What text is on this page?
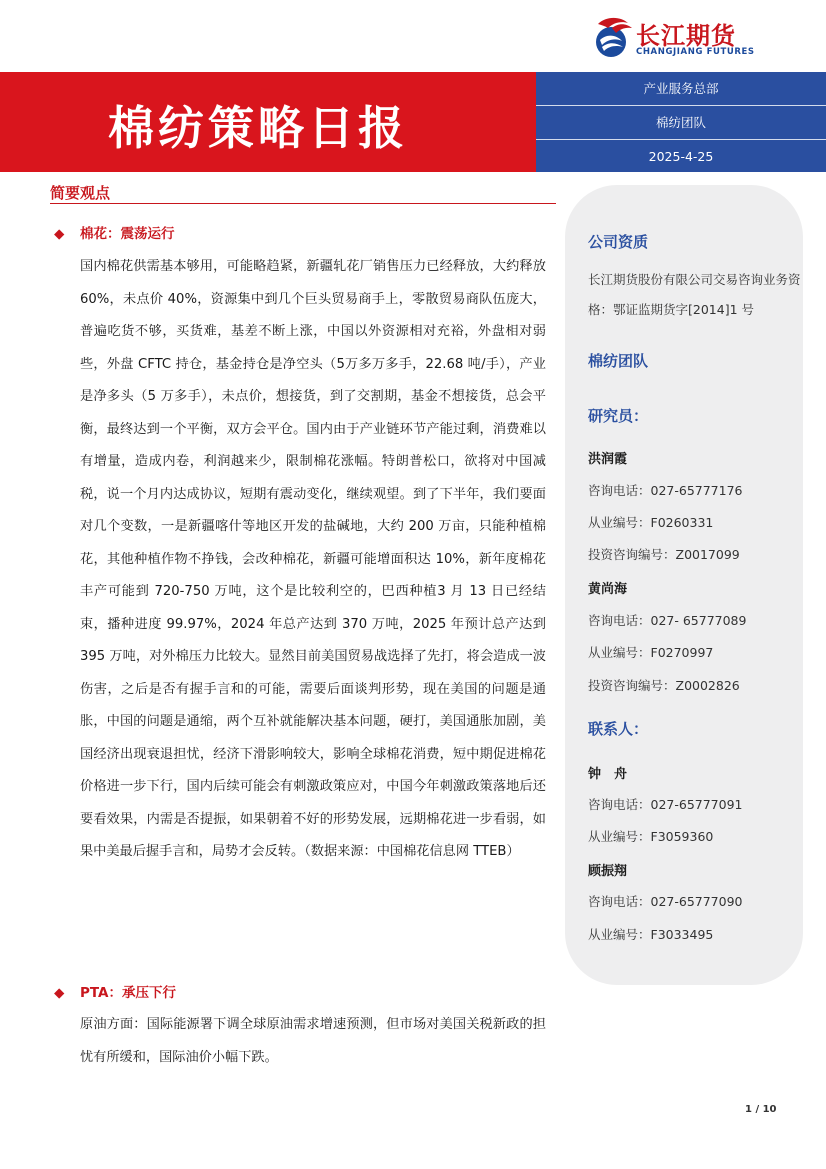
长江期货
CHANGJIANG FUTURES
棉纺策略日报
产业服务总部
棉纺团队
2025-4-25
简要观点
◆ 棉花：震荡运行

国内棉花供需基本够用，可能略趋紧，新疆轧花厂销售压力已经释放，大约释放 60%，未点价 40%，资源集中到几个巨头贸易商手上，零散贸易商队伍庞大，普遍吃货不够，买货难，基差不断上涨，中国以外资源相对充裕，外盘相对弱些，外盘 CFTC 持仓，基金持仓是净空头（5万多万多手，22.68 吨/手），产业是净多头（5 万多手），未点价，想接货，到了交割期，基金不想接货，总会平衡，最终达到一个平衡，双方会平仓。国内由于产业链环节产能过剩，消费难以有增量，造成内卷，利润越来少，限制棉花涨幅。特朗普松口，欲将对中国减税，说一个月内达成协议，短期有震动变化，继续观望。到了下半年，我们要面对几个变数，一是新疆喀什等地区开发的盐碱地，大约 200 万亩，只能种植棉花，其他种植作物不挣钱，会改种棉花，新疆可能增面积达 10%，新年度棉花丰产可能到 720-750 万吨，这个是比较利空的，巴西种植3 月 13 日已经结束，播种进度 99.97%，2024 年总产达到 370 万吨，2025 年预计总产达到 395 万吨，对外棉压力比较大。显然目前美国贸易战选择了先打，将会造成一波伤害，之后是否有握手言和的可能，需要后面谈判形势，现在美国的问题是通胀，中国的问题是通缩，两个互补就能解决基本问题，硬打，美国通胀加剧，美国经济出现衰退担忧，经济下滑影响较大，影响全球棉花消费，短中期促进棉花价格进一步下行，国内后续可能会有刺激政策应对，中国今年刺激政策落地后还要看效果，内需是否提振，如果朝着不好的形势发展，远期棉花进一步看弱，如果中美最后握手言和，局势才会反转。（数据来源：中国棉花信息网 TTEB）

◆ PTA：承压下行

原油方面：国际能源署下调全球原油需求增速预测，但市场对美国关税新政的担忧有所缓和，国际油价小幅下跌。

公司资质

长江期货股份有限公司交易咨询业务资格：鄂证监期货字[2014]1 号

棉纺团队
研究员：
洪润霞
咨询电话：027-65777176
从业编号：F0260331
投资咨询编号：Z0017099
黄尚海
咨询电话：027- 65777089
从业编号：F0270997
投资咨询编号：Z0002826
联系人：
钟　舟
咨询电话：027-65777091
从业编号：F3059360
顾振翔
咨询电话：027-65777090
从业编号：F3033495
1 / 10
